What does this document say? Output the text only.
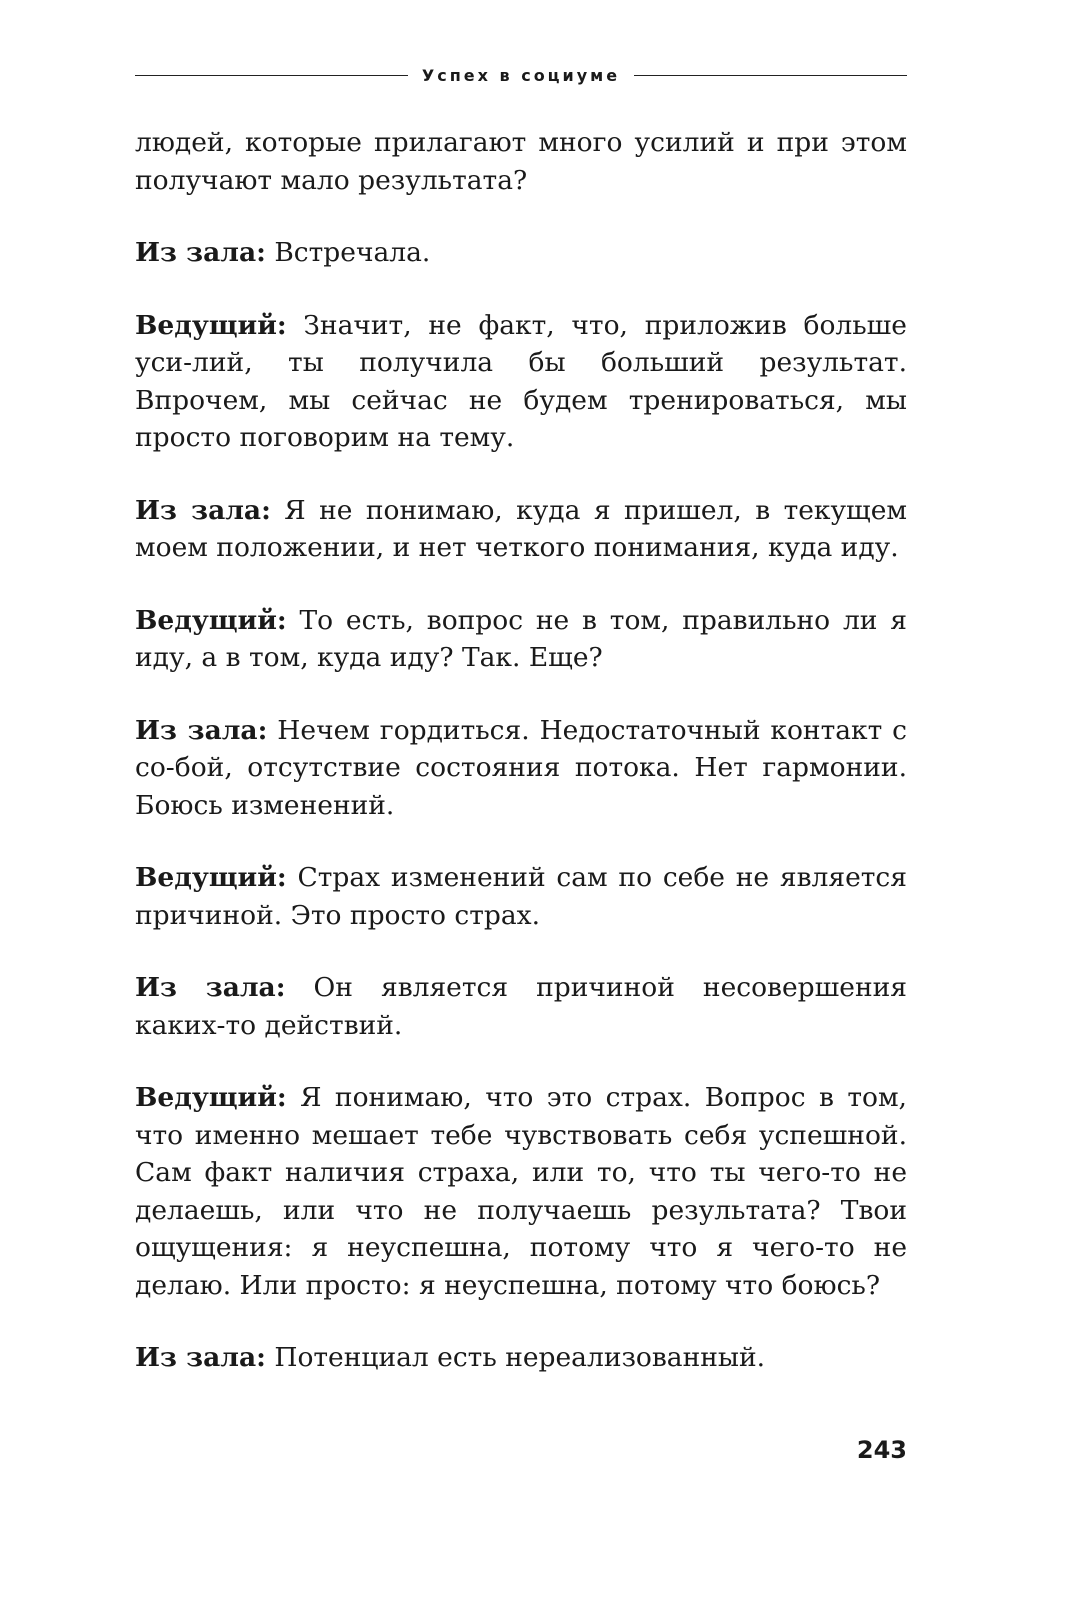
Успех в социуме

людей, которые прилагают много усилий и при этом получают мало результата?

Из зала: Встречала.

Ведущий: Значит, не факт, что, приложив больше уси-лий, ты получила бы больший результат. Впрочем, мы сейчас не будем тренироваться, мы просто поговорим на тему.

Из зала: Я не понимаю, куда я пришел, в текущем моем положении, и нет четкого понимания, куда иду.

Ведущий: То есть, вопрос не в том, правильно ли я иду, а в том, куда иду? Так. Еще?

Из зала: Нечем гордиться. Недостаточный контакт с со-бой, отсутствие состояния потока. Нет гармонии. Боюсь изменений.

Ведущий: Страх изменений сам по себе не является причиной. Это просто страх.

Из зала: Он является причиной несовершения каких-то действий.

Ведущий: Я понимаю, что это страх. Вопрос в том, что именно мешает тебе чувствовать себя успешной. Сам факт наличия страха, или то, что ты чего-то не делаешь, или что не получаешь результата? Твои ощущения: я неуспешна, потому что я чего-то не делаю. Или просто: я неуспешна, потому что боюсь?

Из зала: Потенциал есть нереализованный.

243
